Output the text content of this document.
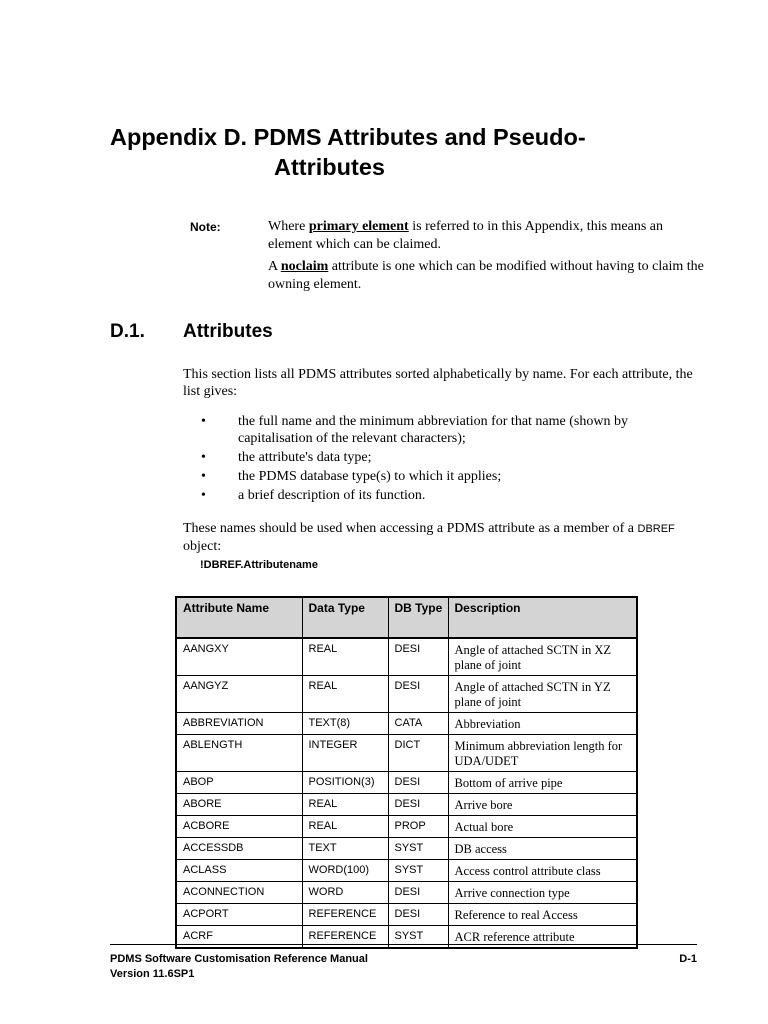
Appendix D. PDMS Attributes and Pseudo-
Attributes
Note:	Where primary element is referred to in this Appendix, this means an element which can be claimed.

A noclaim attribute is one which can be modified without having to claim the owning element.

D.1. Attributes

This section lists all PDMS attributes sorted alphabetically by name. For each attribute, the list gives:

• the full name and the minimum abbreviation for that name (shown by capitalisation of the relevant characters);
• the attribute's data type;
• the PDMS database type(s) to which it applies;
• a brief description of its function.

These names should be used when accessing a PDMS attribute as a member of a DBREF object:

!DBREF.Attributename
Attribute Name	Data Type	DB Type	Description
AANGXY	REAL	DESI	Angle of attached SCTN in XZ plane of joint
AANGYZ	REAL	DESI	Angle of attached SCTN in YZ plane of joint
ABBREVIATION	TEXT(8)	CATA	Abbreviation
ABLENGTH	INTEGER	DICT	Minimum abbreviation length for UDA/UDET
ABOP	POSITION(3)	DESI	Bottom of arrive pipe
ABORE	REAL	DESI	Arrive bore
ACBORE	REAL	PROP	Actual bore
ACCESSDB	TEXT	SYST	DB access
ACLASS	WORD(100)	SYST	Access control attribute class
ACONNECTION	WORD	DESI	Arrive connection type
ACPORT	REFERENCE	DESI	Reference to real Access
ACRF	REFERENCE	SYST	ACR reference attribute
PDMS Software Customisation Reference Manual
Version 11.6SP1
D-1
